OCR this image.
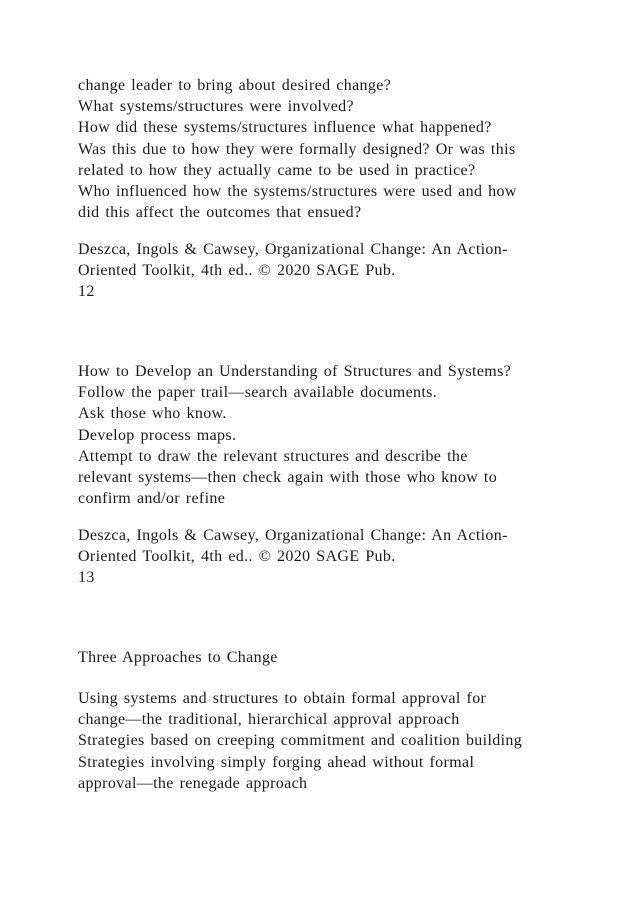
change leader to bring about desired change?
What systems/structures were involved?
How did these systems/structures influence what happened?
Was this due to how they were formally designed? Or was this
related to how they actually came to be used in practice?
Who influenced how the systems/structures were used and how
did this affect the outcomes that ensued?
Deszca, Ingols & Cawsey, Organizational Change: An Action-
Oriented Toolkit, 4th ed.. © 2020 SAGE Pub.
12
How to Develop an Understanding of Structures and Systems?
Follow the paper trail—search available documents.
Ask those who know.
Develop process maps.
Attempt to draw the relevant structures and describe the
relevant systems—then check again with those who know to
confirm and/or refine
Deszca, Ingols & Cawsey, Organizational Change: An Action-
Oriented Toolkit, 4th ed.. © 2020 SAGE Pub.
13
Three Approaches to Change
Using systems and structures to obtain formal approval for
change—the traditional, hierarchical approval approach
Strategies based on creeping commitment and coalition building
Strategies involving simply forging ahead without formal
approval—the renegade approach
